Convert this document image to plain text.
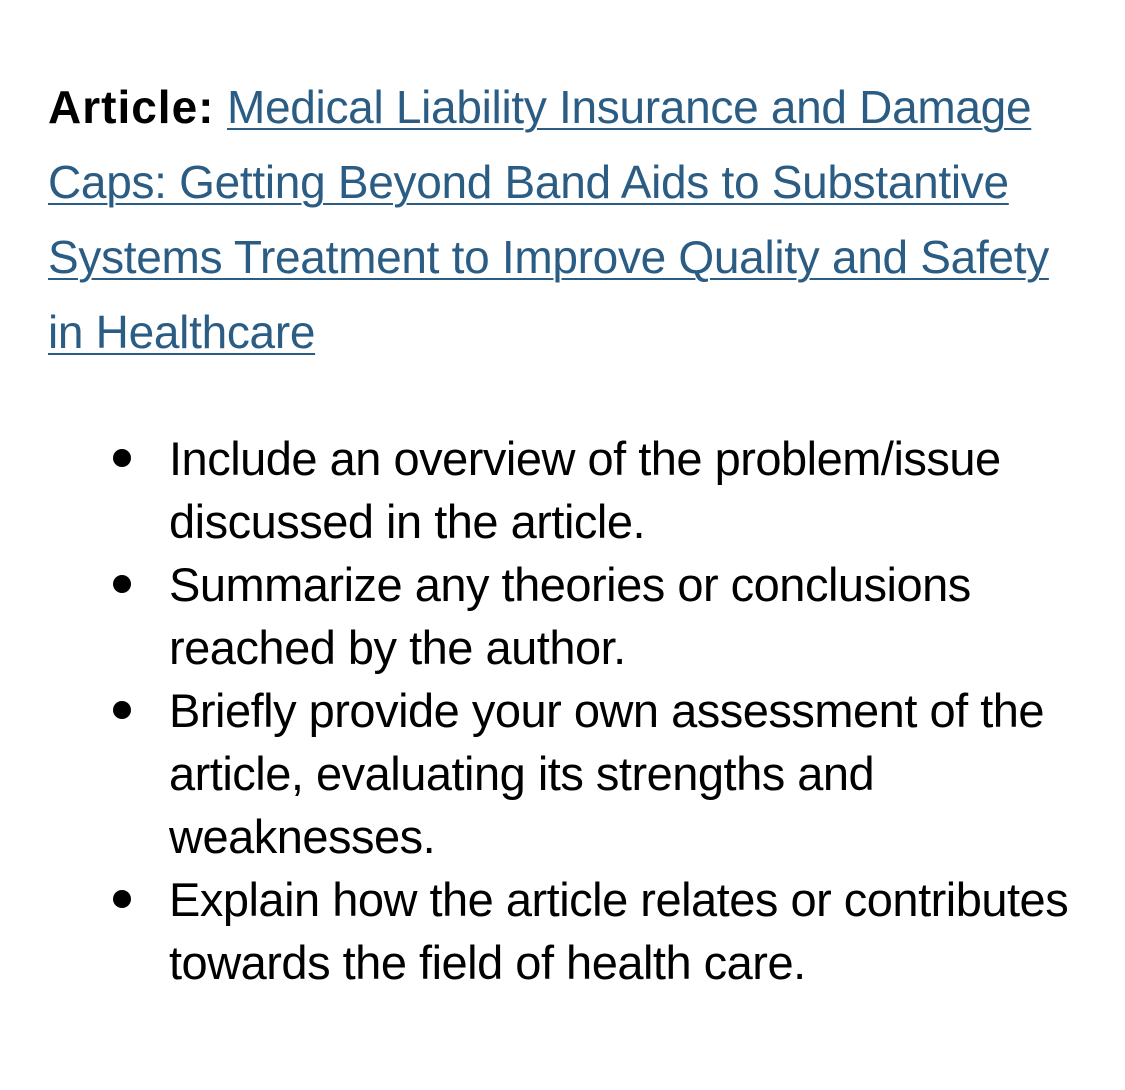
Article: Medical Liability Insurance and Damage Caps: Getting Beyond Band Aids to Substantive Systems Treatment to Improve Quality and Safety in Healthcare

Include an overview of the problem/issue discussed in the article.
Summarize any theories or conclusions reached by the author.
Briefly provide your own assessment of the article, evaluating its strengths and weaknesses.
Explain how the article relates or contributes towards the field of health care.
